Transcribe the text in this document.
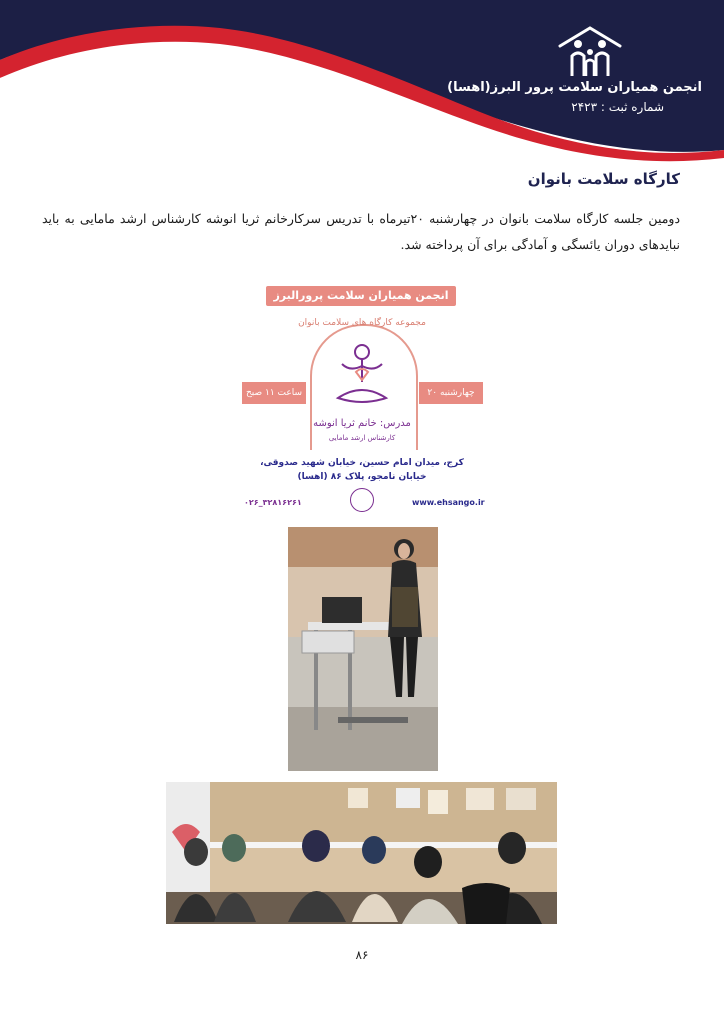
انجمن همیاران سلامت پرور البرز(اهسا)
شماره ثبت : ۲۴۲۳
کارگاه سلامت بانوان
دومین جلسه کارگاه سلامت بانوان در چهارشنبه ۲۰تیرماه با تدریس سرکارخانم ثریا انوشه کارشناس ارشد مامایی به باید نبایدهای دوران یائسگی و آمادگی برای آن پرداخته شد.
انجمن همیاران سلامت پرورالبرز
مجموعه کارگاه های سلامت بانوان
ساعت ۱۱ صبح	چهارشنبه ۲۰ تیرماه
مدرس: خانم ثریا انوشه
کارشناس ارشد مامایی
کرج، میدان امام حسین، خیابان شهید صدوقی،
خیابان نامجو، پلاک ۸۶ (اهسا)
۰۲۶_۳۲۸۱۶۲۶۱	www.ehsango.ir
۸۶
